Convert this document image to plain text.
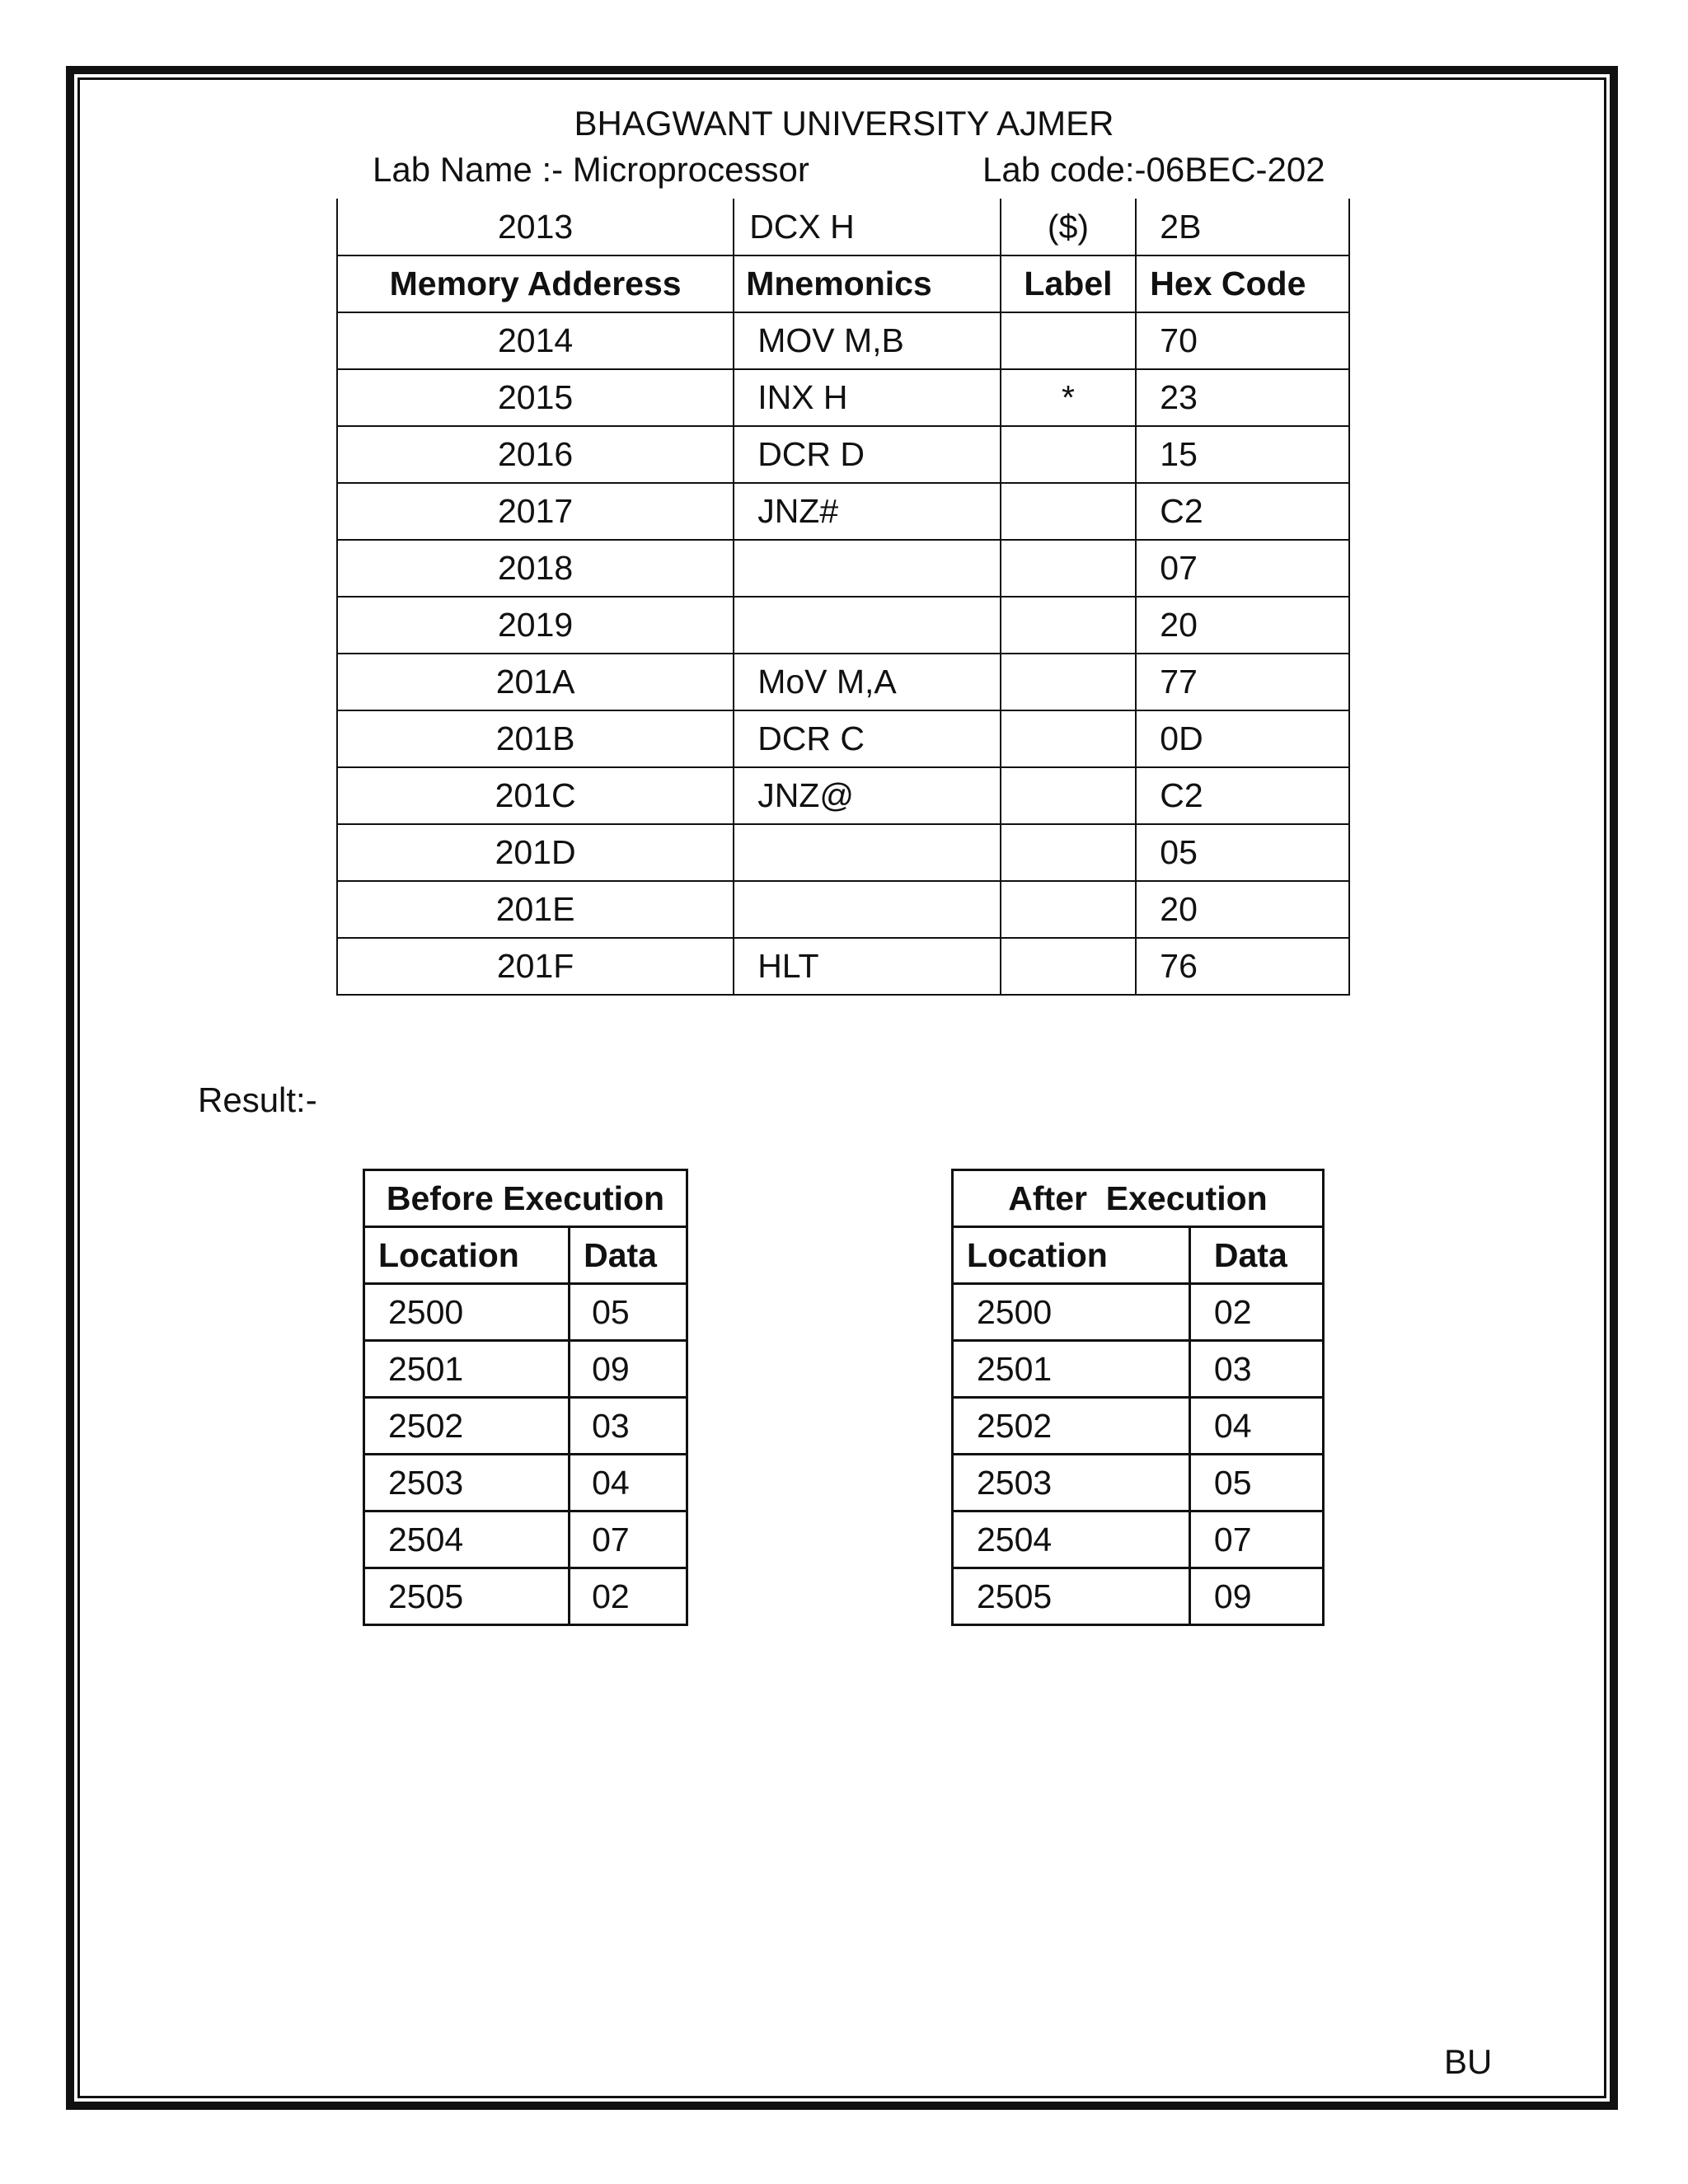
BHAGWANT UNIVERSITY AJMER
Lab Name :- Microprocessor	Lab code:-06BEC-202
2013	DCX H	($)	2B
Memory Adderess	Mnemonics	Label	Hex Code
2014	MOV M,B		70
2015	INX H	*	23
2016	DCR D		15
2017	JNZ#		C2
2018			07
2019			20
201A	MoV M,A		77
201B	DCR C		0D
201C	JNZ@		C2
201D			05
201E			20
201F	HLT		76
Result:-
Before Execution	
Location	Data
2500	05
2501	09
2502	03
2503	04
2504	07
2505	02
After  Execution	
Location	Data
2500	02
2501	03
2502	04
2503	05
2504	07
2505	09
BU
